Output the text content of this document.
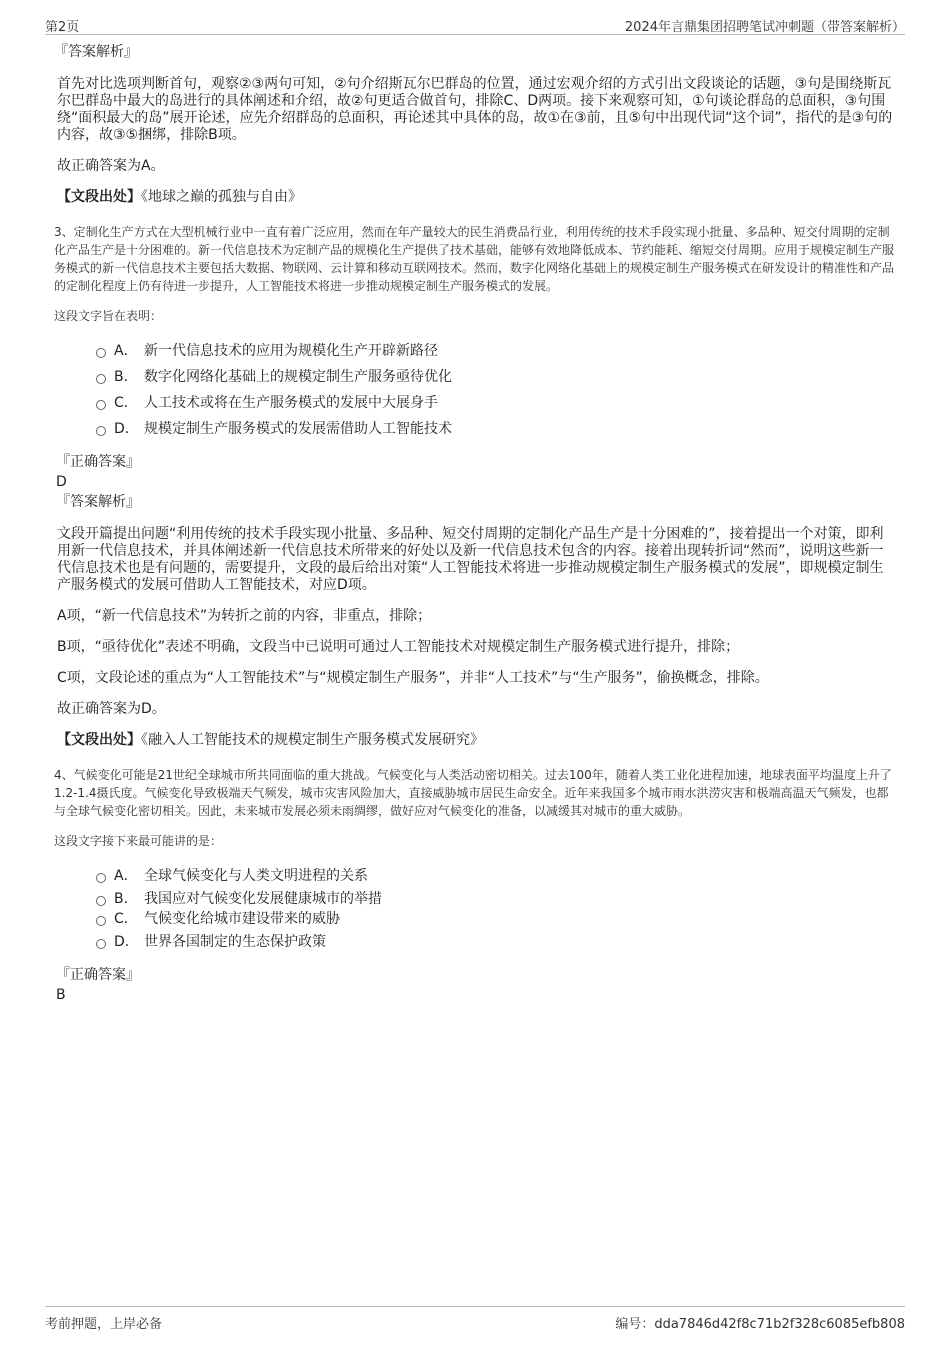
第2页	2024年言鼎集团招聘笔试冲刺题（带答案解析）

『答案解析』

首先对比选项判断首句，观察②③两句可知，②句介绍斯瓦尔巴群岛的位置，通过宏观介绍的方式引出文段谈论的话题，③句是围绕斯瓦尔巴群岛中最大的岛进行的具体阐述和介绍，故②句更适合做首句，排除C、D两项。接下来观察可知，①句谈论群岛的总面积，③句围绕“面积最大的岛”展开论述，应先介绍群岛的总面积，再论述其中具体的岛，故①在③前，且⑤句中出现代词“这个词”，指代的是③句的内容，故③⑤捆绑，排除B项。

故正确答案为A。

【文段出处】《地球之巅的孤独与自由》

3、定制化生产方式在大型机械行业中一直有着广泛应用，然而在年产量较大的民生消费品行业，利用传统的技术手段实现小批量、多品种、短交付周期的定制化产品生产是十分困难的。新一代信息技术为定制产品的规模化生产提供了技术基础，能够有效地降低成本、节约能耗、缩短交付周期。应用于规模定制生产服务模式的新一代信息技术主要包括大数据、物联网、云计算和移动互联网技术。然而，数字化网络化基础上的规模定制生产服务模式在研发设计的精准性和产品的定制化程度上仍有待进一步提升，人工智能技术将进一步推动规模定制生产服务模式的发展。

这段文字旨在表明：

A． 新一代信息技术的应用为规模化生产开辟新路径
B． 数字化网络化基础上的规模定制生产服务亟待优化
C． 人工技术或将在生产服务模式的发展中大展身手
D． 规模定制生产服务模式的发展需借助人工智能技术

『正确答案』

D

『答案解析』

文段开篇提出问题“利用传统的技术手段实现小批量、多品种、短交付周期的定制化产品生产是十分困难的”，接着提出一个对策，即利用新一代信息技术，并具体阐述新一代信息技术所带来的好处以及新一代信息技术包含的内容。接着出现转折词“然而”，说明这些新一代信息技术也是有问题的，需要提升，文段的最后给出对策“人工智能技术将进一步推动规模定制生产服务模式的发展”，即规模定制生产服务模式的发展可借助人工智能技术，对应D项。

A项，“新一代信息技术”为转折之前的内容，非重点，排除；

B项，“亟待优化”表述不明确，文段当中已说明可通过人工智能技术对规模定制生产服务模式进行提升，排除；

C项，文段论述的重点为“人工智能技术”与“规模定制生产服务”，并非“人工技术”与“生产服务”，偷换概念，排除。

故正确答案为D。

【文段出处】《融入人工智能技术的规模定制生产服务模式发展研究》

4、气候变化可能是21世纪全球城市所共同面临的重大挑战。气候变化与人类活动密切相关。过去100年，随着人类工业化进程加速，地球表面平均温度上升了1.2-1.4摄氏度。气候变化导致极端天气频发，城市灾害风险加大，直接威胁城市居民生命安全。近年来我国多个城市雨水洪涝灾害和极端高温天气频发，也都与全球气候变化密切相关。因此，未来城市发展必须未雨绸缪，做好应对气候变化的准备，以减缓其对城市的重大威胁。

这段文字接下来最可能讲的是：

A． 全球气候变化与人类文明进程的关系
B． 我国应对气候变化发展健康城市的举措
C． 气候变化给城市建设带来的威胁
D． 世界各国制定的生态保护政策

『正确答案』

B

考前押题，上岸必备	编号：dda7846d42f8c71b2f328c6085efb808
